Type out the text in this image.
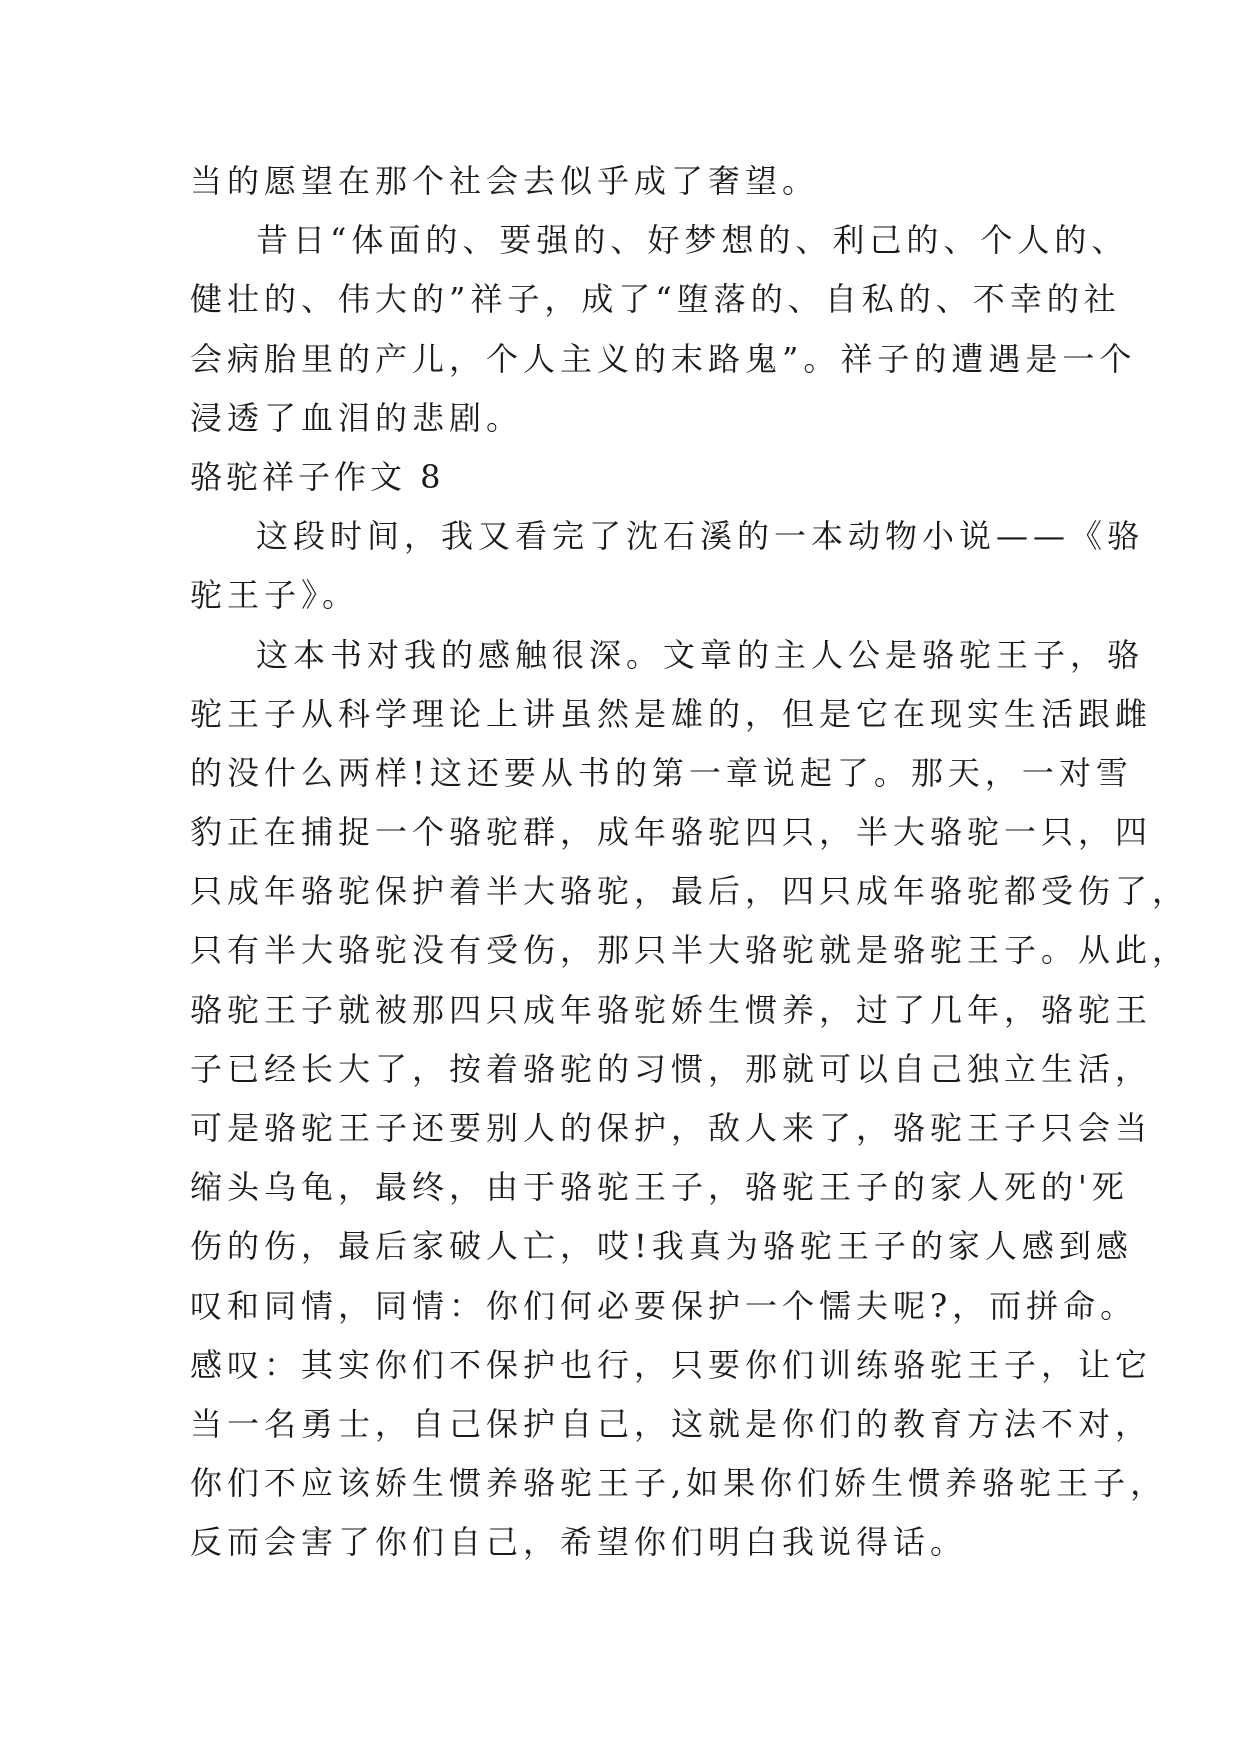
当的愿望在那个社会去似乎成了奢望。
昔日“体面的、要强的、好梦想的、利己的、个人的、
健壮的、伟大的”祥子，成了“堕落的、自私的、不幸的社
会病胎里的产儿，个人主义的末路鬼”。祥子的遭遇是一个
浸透了血泪的悲剧。
骆驼祥子作文 8
这段时间，我又看完了沈石溪的一本动物小说——《骆
驼王子》。
这本书对我的感触很深。文章的主人公是骆驼王子，骆
驼王子从科学理论上讲虽然是雄的，但是它在现实生活跟雌
的没什么两样!这还要从书的第一章说起了。那天，一对雪
豹正在捕捉一个骆驼群，成年骆驼四只，半大骆驼一只，四
只成年骆驼保护着半大骆驼，最后，四只成年骆驼都受伤了，
只有半大骆驼没有受伤，那只半大骆驼就是骆驼王子。从此，
骆驼王子就被那四只成年骆驼娇生惯养，过了几年，骆驼王
子已经长大了，按着骆驼的习惯，那就可以自己独立生活，
可是骆驼王子还要别人的保护，敌人来了，骆驼王子只会当
缩头乌龟，最终，由于骆驼王子，骆驼王子的家人死的'死
伤的伤，最后家破人亡，哎!我真为骆驼王子的家人感到感
叹和同情，同情：你们何必要保护一个懦夫呢?，而拼命。
感叹：其实你们不保护也行，只要你们训练骆驼王子，让它
当一名勇士，自己保护自己，这就是你们的教育方法不对，
你们不应该娇生惯养骆驼王子,如果你们娇生惯养骆驼王子，
反而会害了你们自己，希望你们明白我说得话。
